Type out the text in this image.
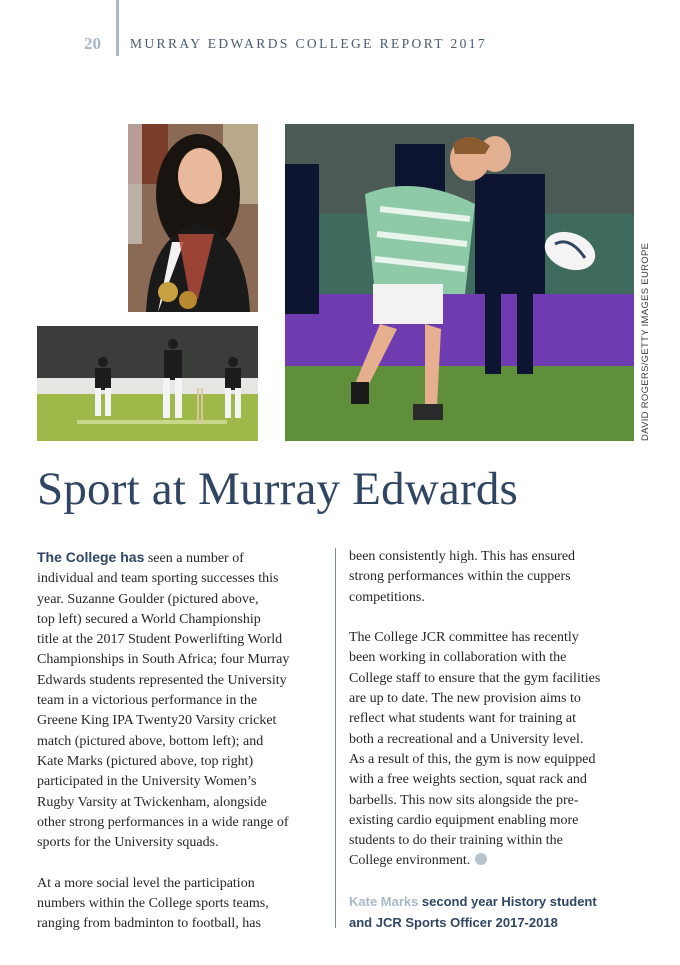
20 MURRAY EDWARDS COLLEGE REPORT 2017
DAVID ROGERS/GETTY IMAGES EUROPE
Sport at Murray Edwards
The College has seen a number of
individual and team sporting successes this
year. Suzanne Goulder (pictured above,
top left) secured a World Championship
title at the 2017 Student Powerlifting World
Championships in South Africa; four Murray
Edwards students represented the University
team in a victorious performance in the
Greene King IPA Twenty20 Varsity cricket
match (pictured above, bottom left); and
Kate Marks (pictured above, top right)
participated in the University Women’s
Rugby Varsity at Twickenham, alongside
other strong performances in a wide range of
sports for the University squads.
At a more social level the participation
numbers within the College sports teams,
ranging from badminton to football, has
been consistently high. This has ensured
strong performances within the cuppers
competitions.
The College JCR committee has recently
been working in collaboration with the
College staff to ensure that the gym facilities
are up to date. The new provision aims to
reflect what students want for training at
both a recreational and a University level.
As a result of this, the gym is now equipped
with a free weights section, squat rack and
barbells. This now sits alongside the pre-
existing cardio equipment enabling more
students to do their training within the
College environment.
Kate Marks second year History student
and JCR Sports Officer 2017-2018
